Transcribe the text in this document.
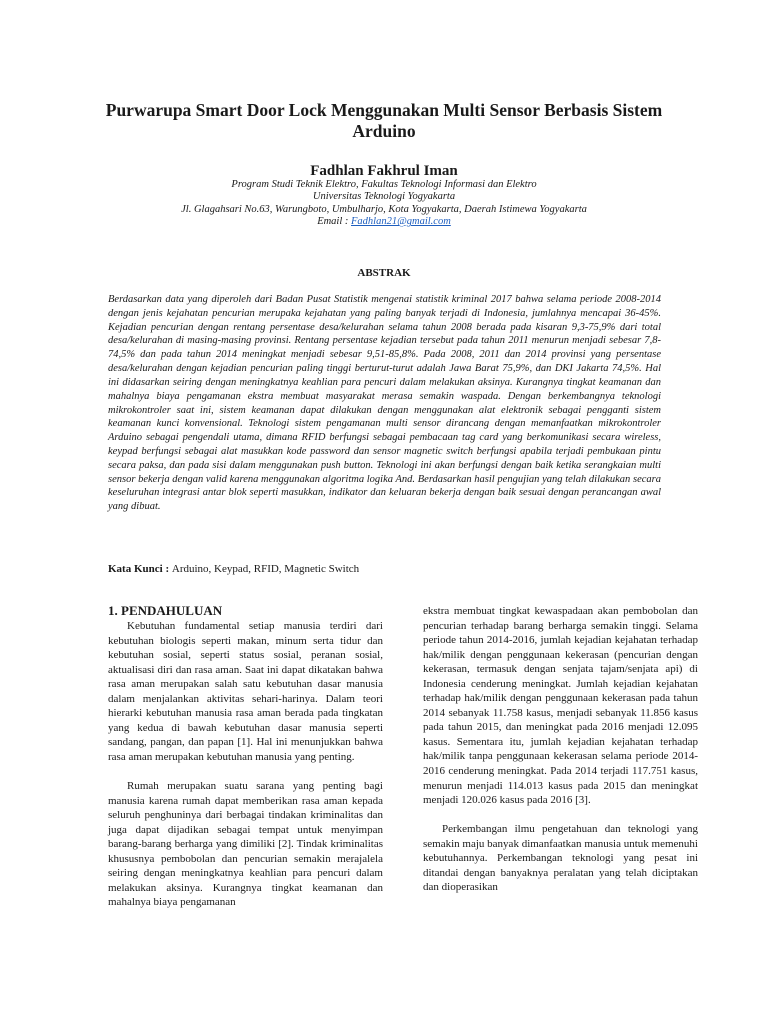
Purwarupa Smart Door Lock Menggunakan Multi Sensor Berbasis Sistem Arduino
Fadhlan Fakhrul Iman
Program Studi Teknik Elektro, Fakultas Teknologi Informasi dan Elektro
Universitas Teknologi Yogyakarta
Jl. Glagahsari No.63, Warungboto, Umbulharjo, Kota Yogyakarta, Daerah Istimewa Yogyakarta
Email : Fadhlan21@gmail.com
ABSTRAK
Berdasarkan data yang diperoleh dari Badan Pusat Statistik mengenai statistik kriminal 2017 bahwa selama periode 2008-2014 dengan jenis kejahatan pencurian merupaka kejahatan yang paling banyak terjadi di Indonesia, jumlahnya mencapai 36-45%. Kejadian pencurian dengan rentang persentase desa/kelurahan selama tahun 2008 berada pada kisaran 9,3-75,9% dari total desa/kelurahan di masing-masing provinsi. Rentang persentase kejadian tersebut pada tahun 2011 menurun menjadi sebesar 7,8-74,5% dan pada tahun 2014 meningkat menjadi sebesar 9,51-85,8%. Pada 2008, 2011 dan 2014 provinsi yang persentase desa/kelurahan dengan kejadian pencurian paling tinggi berturut-turut adalah Jawa Barat 75,9%, dan DKI Jakarta 74,5%. Hal ini didasarkan seiring dengan meningkatnya keahlian para pencuri dalam melakukan aksinya. Kurangnya tingkat keamanan dan mahalnya biaya pengamanan ekstra membuat masyarakat merasa semakin waspada. Dengan berkembangnya teknologi mikrokontroler saat ini, sistem keamanan dapat dilakukan dengan menggunakan alat elektronik sebagai pengganti sistem keamanan kunci konvensional. Teknologi sistem pengamanan multi sensor dirancang dengan memanfaatkan mikrokontroler Arduino sebagai pengendali utama, dimana RFID berfungsi sebagai pembacaan tag card yang berkomunikasi secara wireless, keypad berfungsi sebagai alat masukkan kode password dan sensor magnetic switch berfungsi apabila terjadi pembukaan pintu secara paksa, dan pada sisi dalam menggunakan push button. Teknologi ini akan berfungsi dengan baik ketika serangkaian multi sensor bekerja dengan valid karena menggunakan algoritma logika And. Berdasarkan hasil pengujian yang telah dilakukan secara keseluruhan integrasi antar blok seperti masukkan, indikator dan keluaran bekerja dengan baik sesuai dengan perancangan awal yang dibuat.
Kata Kunci : Arduino, Keypad, RFID, Magnetic Switch
1. PENDAHULUAN

Kebutuhan fundamental setiap manusia terdiri dari kebutuhan biologis seperti makan, minum serta tidur dan kebutuhan sosial, seperti status sosial, peranan sosial, aktualisasi diri dan rasa aman. Saat ini dapat dikatakan bahwa rasa aman merupakan salah satu kebutuhan dasar manusia dalam menjalankan aktivitas sehari-harinya. Dalam teori hierarki kebutuhan manusia rasa aman berada pada tingkatan yang kedua di bawah kebutuhan dasar manusia seperti sandang, pangan, dan papan [1]. Hal ini menunjukkan bahwa rasa aman merupakan kebutuhan manusia yang penting.

Rumah merupakan suatu sarana yang penting bagi manusia karena rumah dapat memberikan rasa aman kepada seluruh penghuninya dari berbagai tindakan kriminalitas dan juga dapat dijadikan sebagai tempat untuk menyimpan barang-barang berharga yang dimiliki [2]. Tindak kriminalitas khususnya pembobolan dan pencurian semakin merajalela seiring dengan meningkatnya keahlian para pencuri dalam melakukan aksinya. Kurangnya tingkat keamanan dan mahalnya biaya pengamanan

ekstra membuat tingkat kewaspadaan akan pembobolan dan pencurian terhadap barang berharga semakin tinggi. Selama periode tahun 2014-2016, jumlah kejadian kejahatan terhadap hak/milik dengan penggunaan kekerasan (pencurian dengan kekerasan, termasuk dengan senjata tajam/senjata api) di Indonesia cenderung meningkat. Jumlah kejadian kejahatan terhadap hak/milik dengan penggunaan kekerasan pada tahun 2014 sebanyak 11.758 kasus, menjadi sebanyak 11.856 kasus pada tahun 2015, dan meningkat pada 2016 menjadi 12.095 kasus. Sementara itu, jumlah kejadian kejahatan terhadap hak/milik tanpa penggunaan kekerasan selama periode 2014-2016 cenderung meningkat. Pada 2014 terjadi 117.751 kasus, menurun menjadi 114.013 kasus pada 2015 dan meningkat menjadi 120.026 kasus pada 2016 [3].

Perkembangan ilmu pengetahuan dan teknologi yang semakin maju banyak dimanfaatkan manusia untuk memenuhi kebutuhannya. Perkembangan teknologi yang pesat ini ditandai dengan banyaknya peralatan yang telah diciptakan dan dioperasikan
